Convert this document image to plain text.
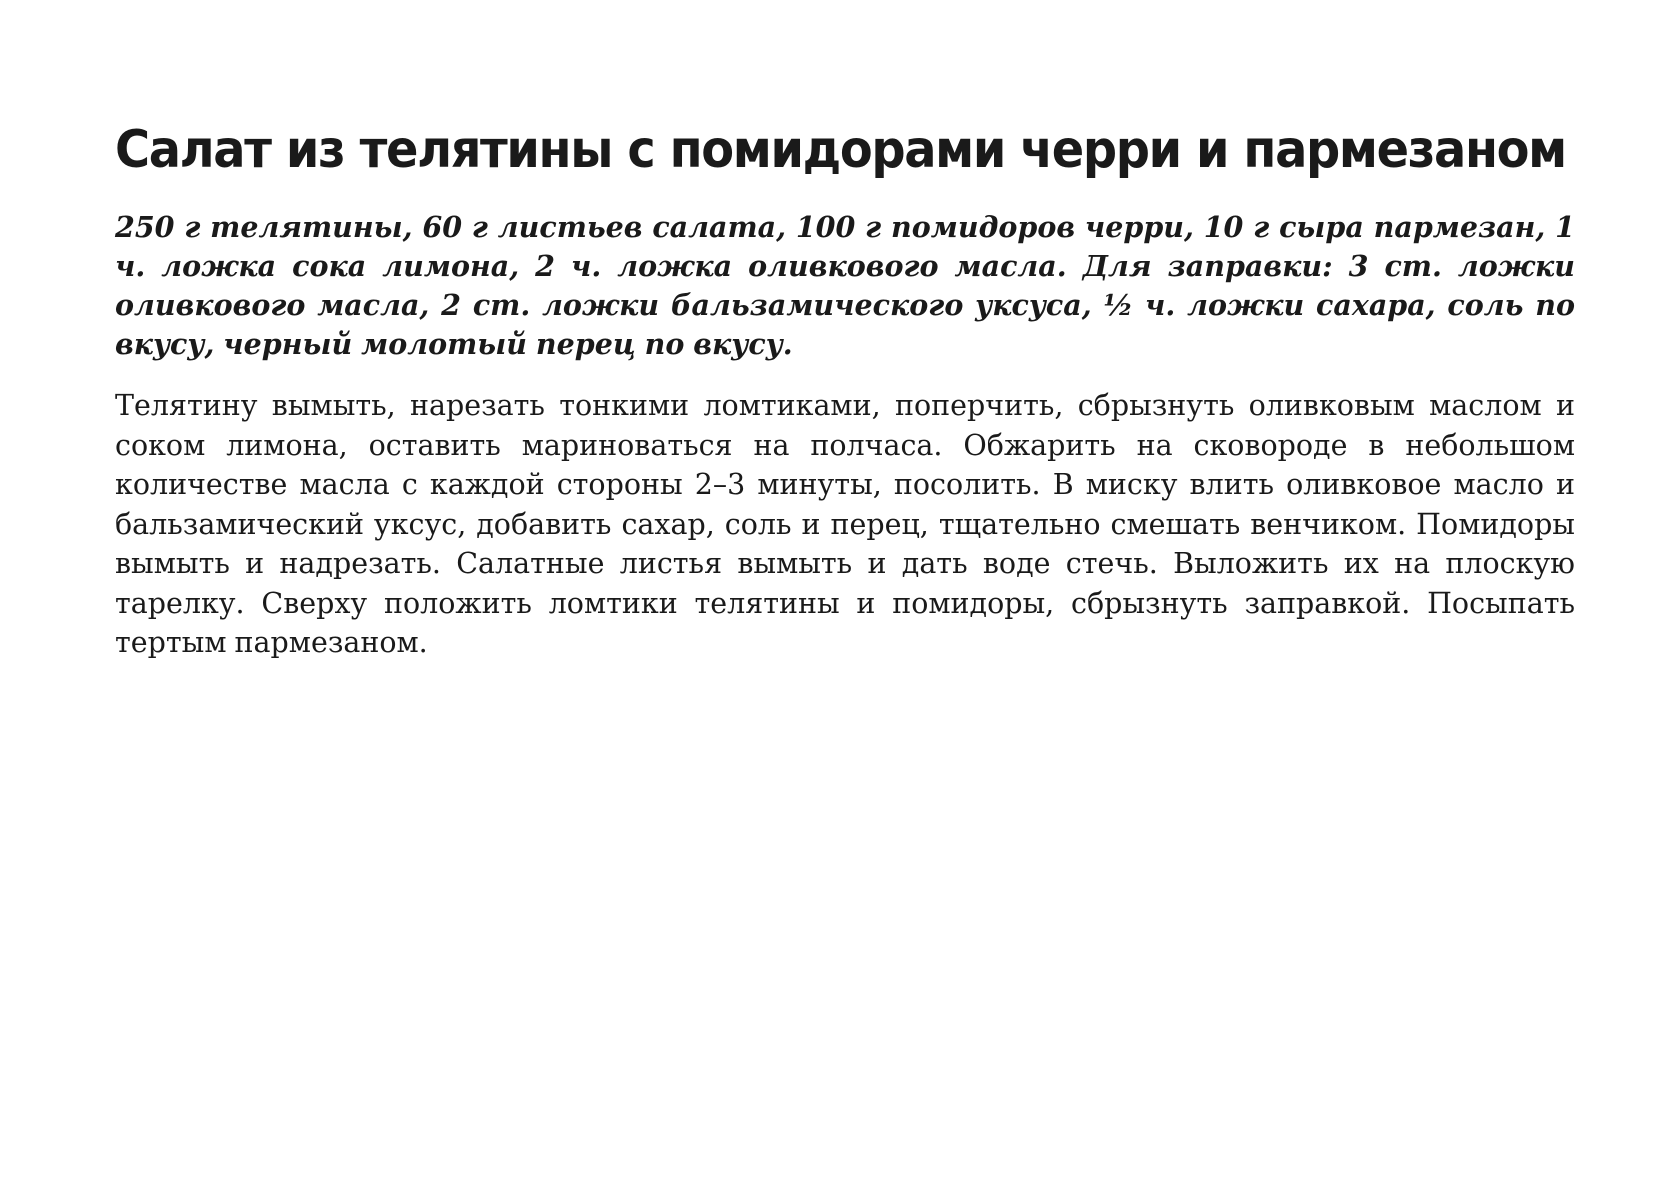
Салат из телятины с помидорами черри и пармезаном

250 г телятины, 60 г листьев салата, 100 г помидоров черри, 10 г сыра пармезан, 1 ч. ложка сока лимона, 2 ч. ложка оливкового масла. Для заправки: 3 ст. ложки оливкового масла, 2 ст. ложки бальзамического уксуса, ½ ч. ложки сахара, соль по вкусу, черный молотый перец по вкусу.

Телятину вымыть, нарезать тонкими ломтиками, поперчить, сбрызнуть оливковым маслом и соком лимона, оставить мариноваться на полчаса. Обжарить на сковороде в небольшом количестве масла с каждой стороны 2–3 минуты, посолить. В миску влить оливковое масло и бальзамический уксус, добавить сахар, соль и перец, тщательно смешать венчиком. Помидоры вымыть и надрезать. Салатные листья вымыть и дать воде стечь. Выложить их на плоскую тарелку. Сверху положить ломтики телятины и помидоры, сбрызнуть заправкой. Посыпать тертым пармезаном.
